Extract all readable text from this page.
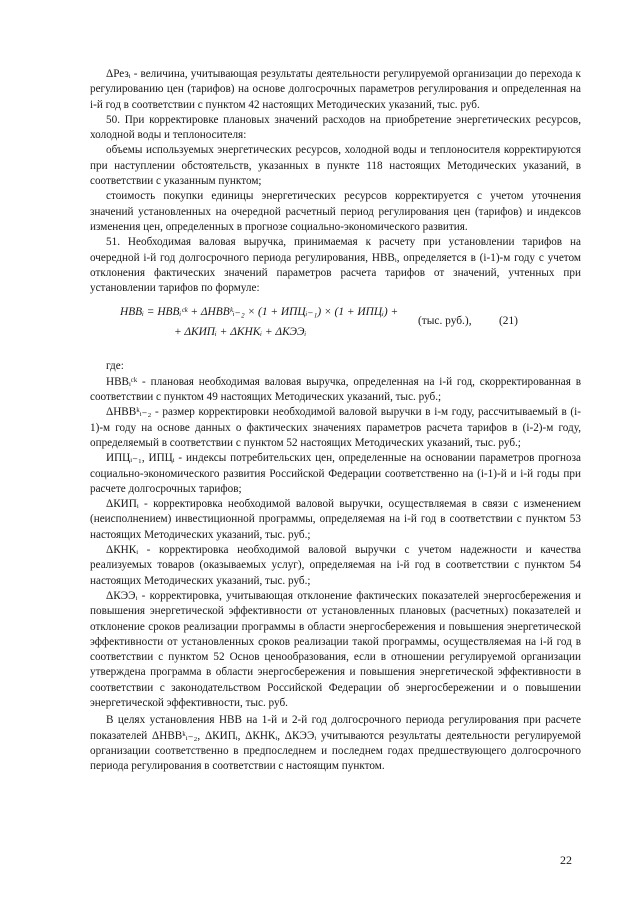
ΔРезᵢ - величина, учитывающая результаты деятельности регулируемой организации до перехода к регулированию цен (тарифов) на основе долгосрочных параметров регулирования и определенная на i-й год в соответствии с пунктом 42 настоящих Методических указаний, тыс. руб.

50. При корректировке плановых значений расходов на приобретение энергетических ресурсов, холодной воды и теплоносителя:

объемы используемых энергетических ресурсов, холодной воды и теплоносителя корректируются при наступлении обстоятельств, указанных в пункте 118 настоящих Методических указаний, в соответствии с указанным пунктом;

стоимость покупки единицы энергетических ресурсов корректируется с учетом уточнения значений установленных на очередной расчетный период регулирования цен (тарифов) и индексов изменения цен, определенных в прогнозе социально-экономического развития.

51. Необходимая валовая выручка, принимаемая к расчету при установлении тарифов на очередной i-й год долгосрочного периода регулирования, НВВᵢ, определяется в (i-1)-м году с учетом отклонения фактических значений параметров расчета тарифов от значений, учтенных при установлении тарифов по формуле:

НВВᵢ = НВВᵢᶜᵏ + ΔНВВᵏᵢ₋₂ × (1 + ИПЦᵢ₋₁) × (1 + ИПЦᵢ) +
+ ΔКИПᵢ + ΔКНКᵢ + ΔКЭЭᵢ
(тыс. руб.), (21)

где:

НВВᵢᶜᵏ - плановая необходимая валовая выручка, определенная на i-й год, скорректированная в соответствии с пунктом 49 настоящих Методических указаний, тыс. руб.;

ΔНВВᵏᵢ₋₂ - размер корректировки необходимой валовой выручки в i-м году, рассчитываемый в (i-1)-м году на основе данных о фактических значениях параметров расчета тарифов в (i-2)-м году, определяемый в соответствии с пунктом 52 настоящих Методических указаний, тыс. руб.;

ИПЦᵢ₋₁, ИПЦᵢ - индексы потребительских цен, определенные на основании параметров прогноза социально-экономического развития Российской Федерации соответственно на (i-1)-й и i-й годы при расчете долгосрочных тарифов;

ΔКИПᵢ - корректировка необходимой валовой выручки, осуществляемая в связи с изменением (неисполнением) инвестиционной программы, определяемая на i-й год в соответствии с пунктом 53 настоящих Методических указаний, тыс. руб.;

ΔКНКᵢ - корректировка необходимой валовой выручки с учетом надежности и качества реализуемых товаров (оказываемых услуг), определяемая на i-й год в соответствии с пунктом 54 настоящих Методических указаний, тыс. руб.;

ΔКЭЭᵢ - корректировка, учитывающая отклонение фактических показателей энергосбережения и повышения энергетической эффективности от установленных плановых (расчетных) показателей и отклонение сроков реализации программы в области энергосбережения и повышения энергетической эффективности от установленных сроков реализации такой программы, осуществляемая на i-й год в соответствии с пунктом 52 Основ ценообразования, если в отношении регулируемой организации утверждена программа в области энергосбережения и повышения энергетической эффективности в соответствии с законодательством Российской Федерации об энергосбережении и о повышении энергетической эффективности, тыс. руб.

В целях установления НВВ на 1-й и 2-й год долгосрочного периода регулирования при расчете показателей ΔНВВᵏᵢ₋₂, ΔКИПᵢ, ΔКНКᵢ, ΔКЭЭᵢ учитываются результаты деятельности регулируемой организации соответственно в предпоследнем и последнем годах предшествующего долгосрочного периода регулирования в соответствии с настоящим пунктом.

22
